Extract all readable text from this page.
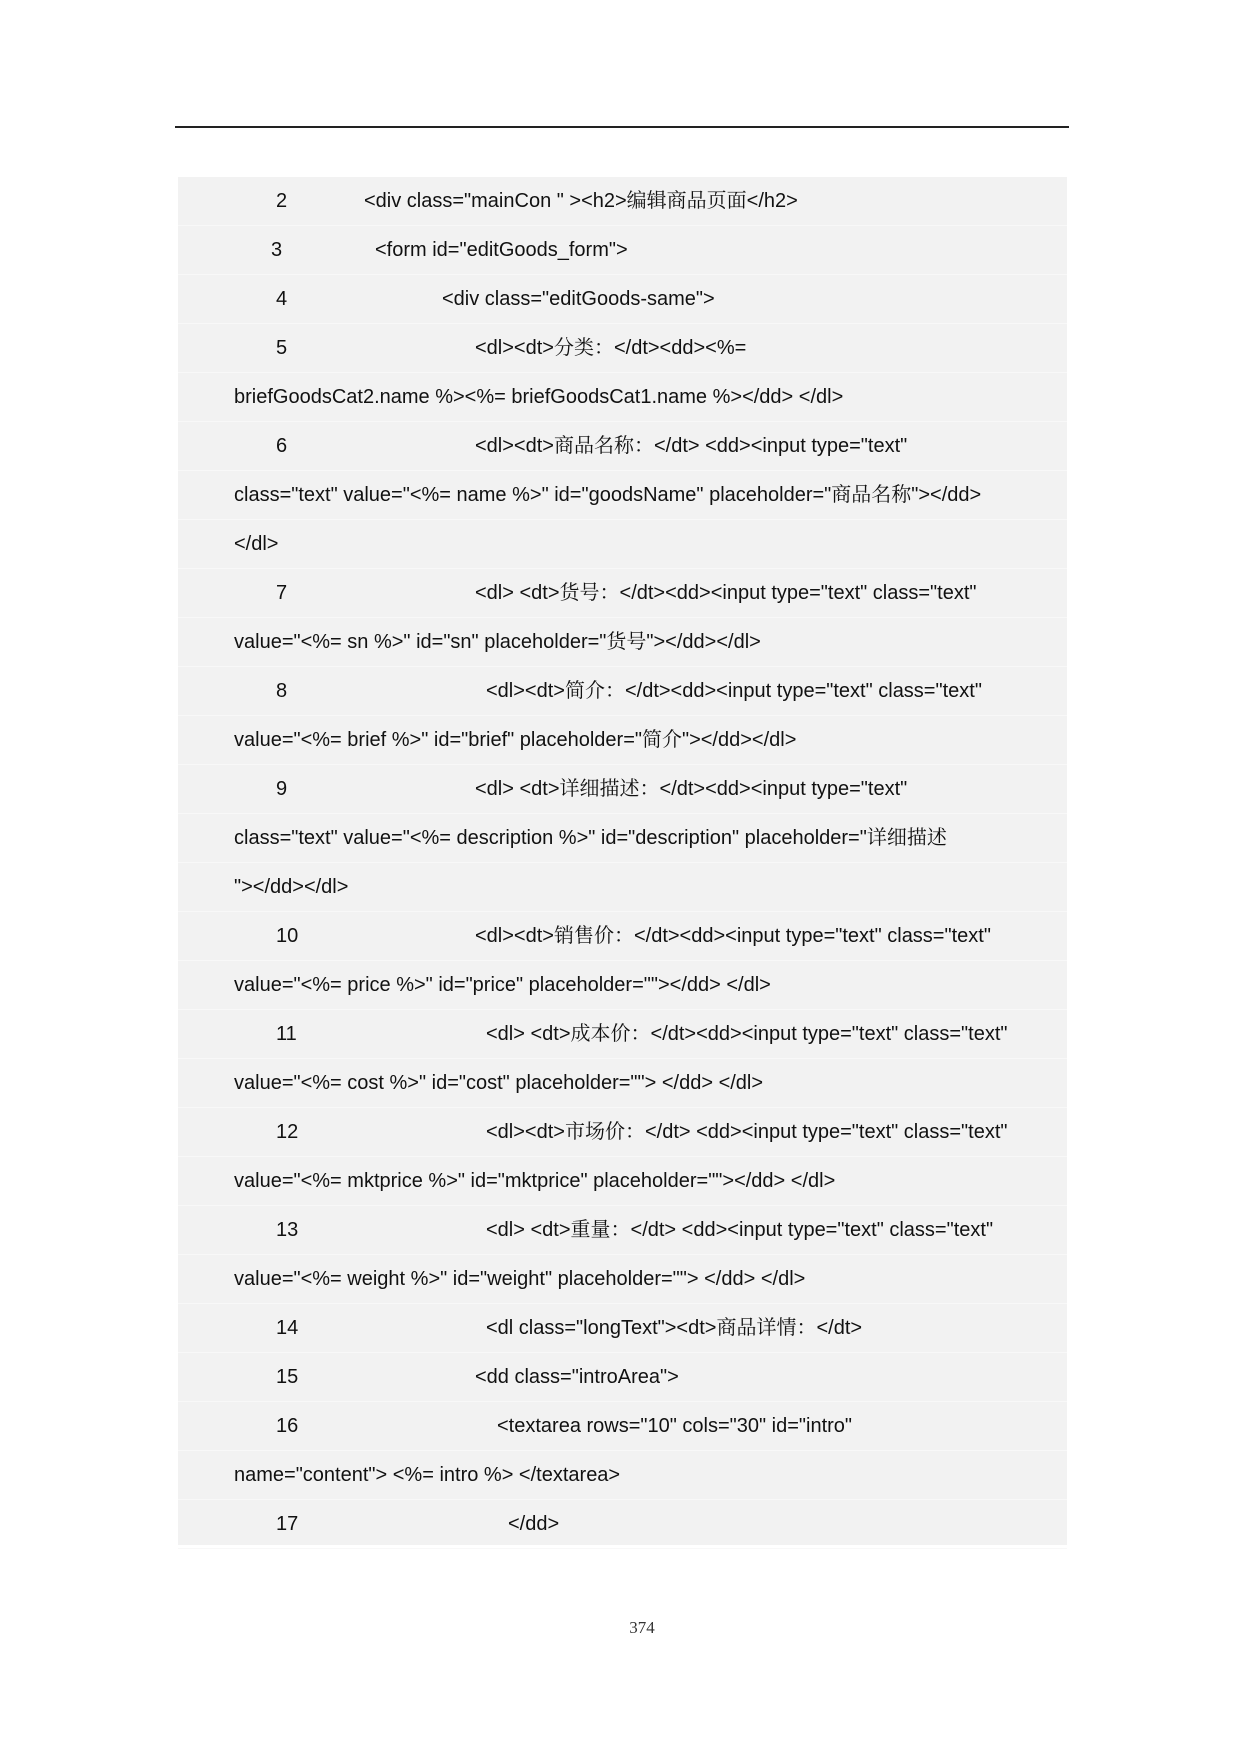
2	<div class="mainCon " ><h2>编辑商品页面</h2>
3	<form id="editGoods_form">
4	<div class="editGoods-same">
5	<dl><dt>分类：</dt><dd><%=
briefGoodsCat2.name %><%= briefGoodsCat1.name %></dd> </dl>
6	<dl><dt>商品名称：</dt> <dd><input type="text"
class="text" value="<%= name %>" id="goodsName" placeholder="商品名称"></dd>
</dl>
7	<dl> <dt>货号：</dt><dd><input type="text" class="text"
value="<%= sn %>" id="sn" placeholder="货号"></dd></dl>
8	<dl><dt>简介：</dt><dd><input type="text" class="text"
value="<%= brief %>" id="brief" placeholder="简介"></dd></dl>
9	<dl> <dt>详细描述：</dt><dd><input type="text"
class="text" value="<%= description %>" id="description" placeholder="详细描述
"></dd></dl>
10	<dl><dt>销售价：</dt><dd><input type="text" class="text"
value="<%= price %>" id="price" placeholder=""></dd> </dl>
11	<dl> <dt>成本价：</dt><dd><input type="text" class="text"
value="<%= cost %>" id="cost" placeholder=""> </dd> </dl>
12	<dl><dt>市场价：</dt> <dd><input type="text" class="text"
value="<%= mktprice %>" id="mktprice" placeholder=""></dd> </dl>
13	<dl> <dt>重量：</dt> <dd><input type="text" class="text"
value="<%= weight %>" id="weight" placeholder=""> </dd> </dl>
14	<dl class="longText"><dt>商品详情：</dt>
15	<dd class="introArea">
16	<textarea rows="10" cols="30" id="intro"
name="content"> <%= intro %> </textarea>
17	</dd>
374
